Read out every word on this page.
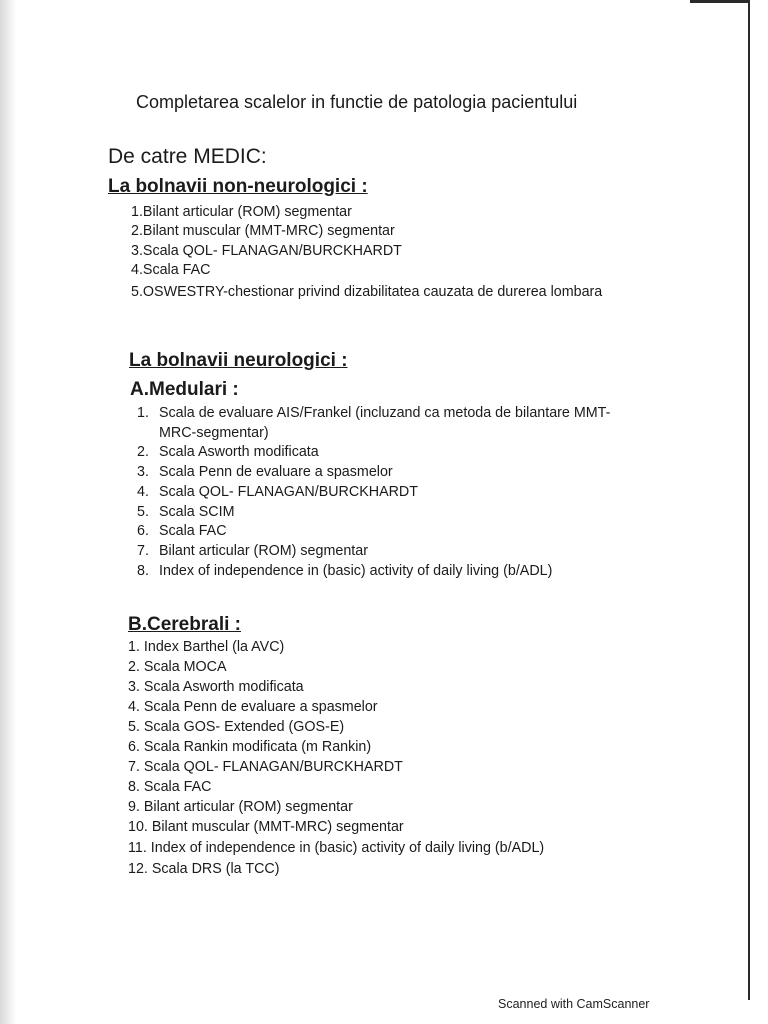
Completarea scalelor in functie de patologia pacientului
De catre MEDIC:
La bolnavii non-neurologici :
1.Bilant articular (ROM) segmentar
2.Bilant muscular (MMT-MRC) segmentar
3.Scala QOL- FLANAGAN/BURCKHARDT
4.Scala FAC
5.OSWESTRY-chestionar privind dizabilitatea cauzata de durerea lombara
La bolnavii neurologici :
A.Medulari :
1. Scala de evaluare AIS/Frankel (incluzand ca metoda de bilantare MMT-
MRC-segmentar)
2. Scala Asworth modificata
3. Scala Penn de evaluare a spasmelor
4. Scala QOL- FLANAGAN/BURCKHARDT
5. Scala SCIM
6. Scala FAC
7. Bilant articular (ROM) segmentar
8. Index of independence in (basic) activity of daily living (b/ADL)
B.Cerebrali :
1. Index Barthel (la AVC)
2. Scala MOCA
3. Scala Asworth modificata
4. Scala Penn de evaluare a spasmelor
5. Scala GOS- Extended (GOS-E)
6. Scala Rankin modificata (m Rankin)
7. Scala QOL- FLANAGAN/BURCKHARDT
8. Scala FAC
9. Bilant articular (ROM) segmentar
10. Bilant muscular (MMT-MRC) segmentar
11. Index of independence in (basic) activity of daily living (b/ADL)
12. Scala DRS (la TCC)
Scanned with CamScanner
